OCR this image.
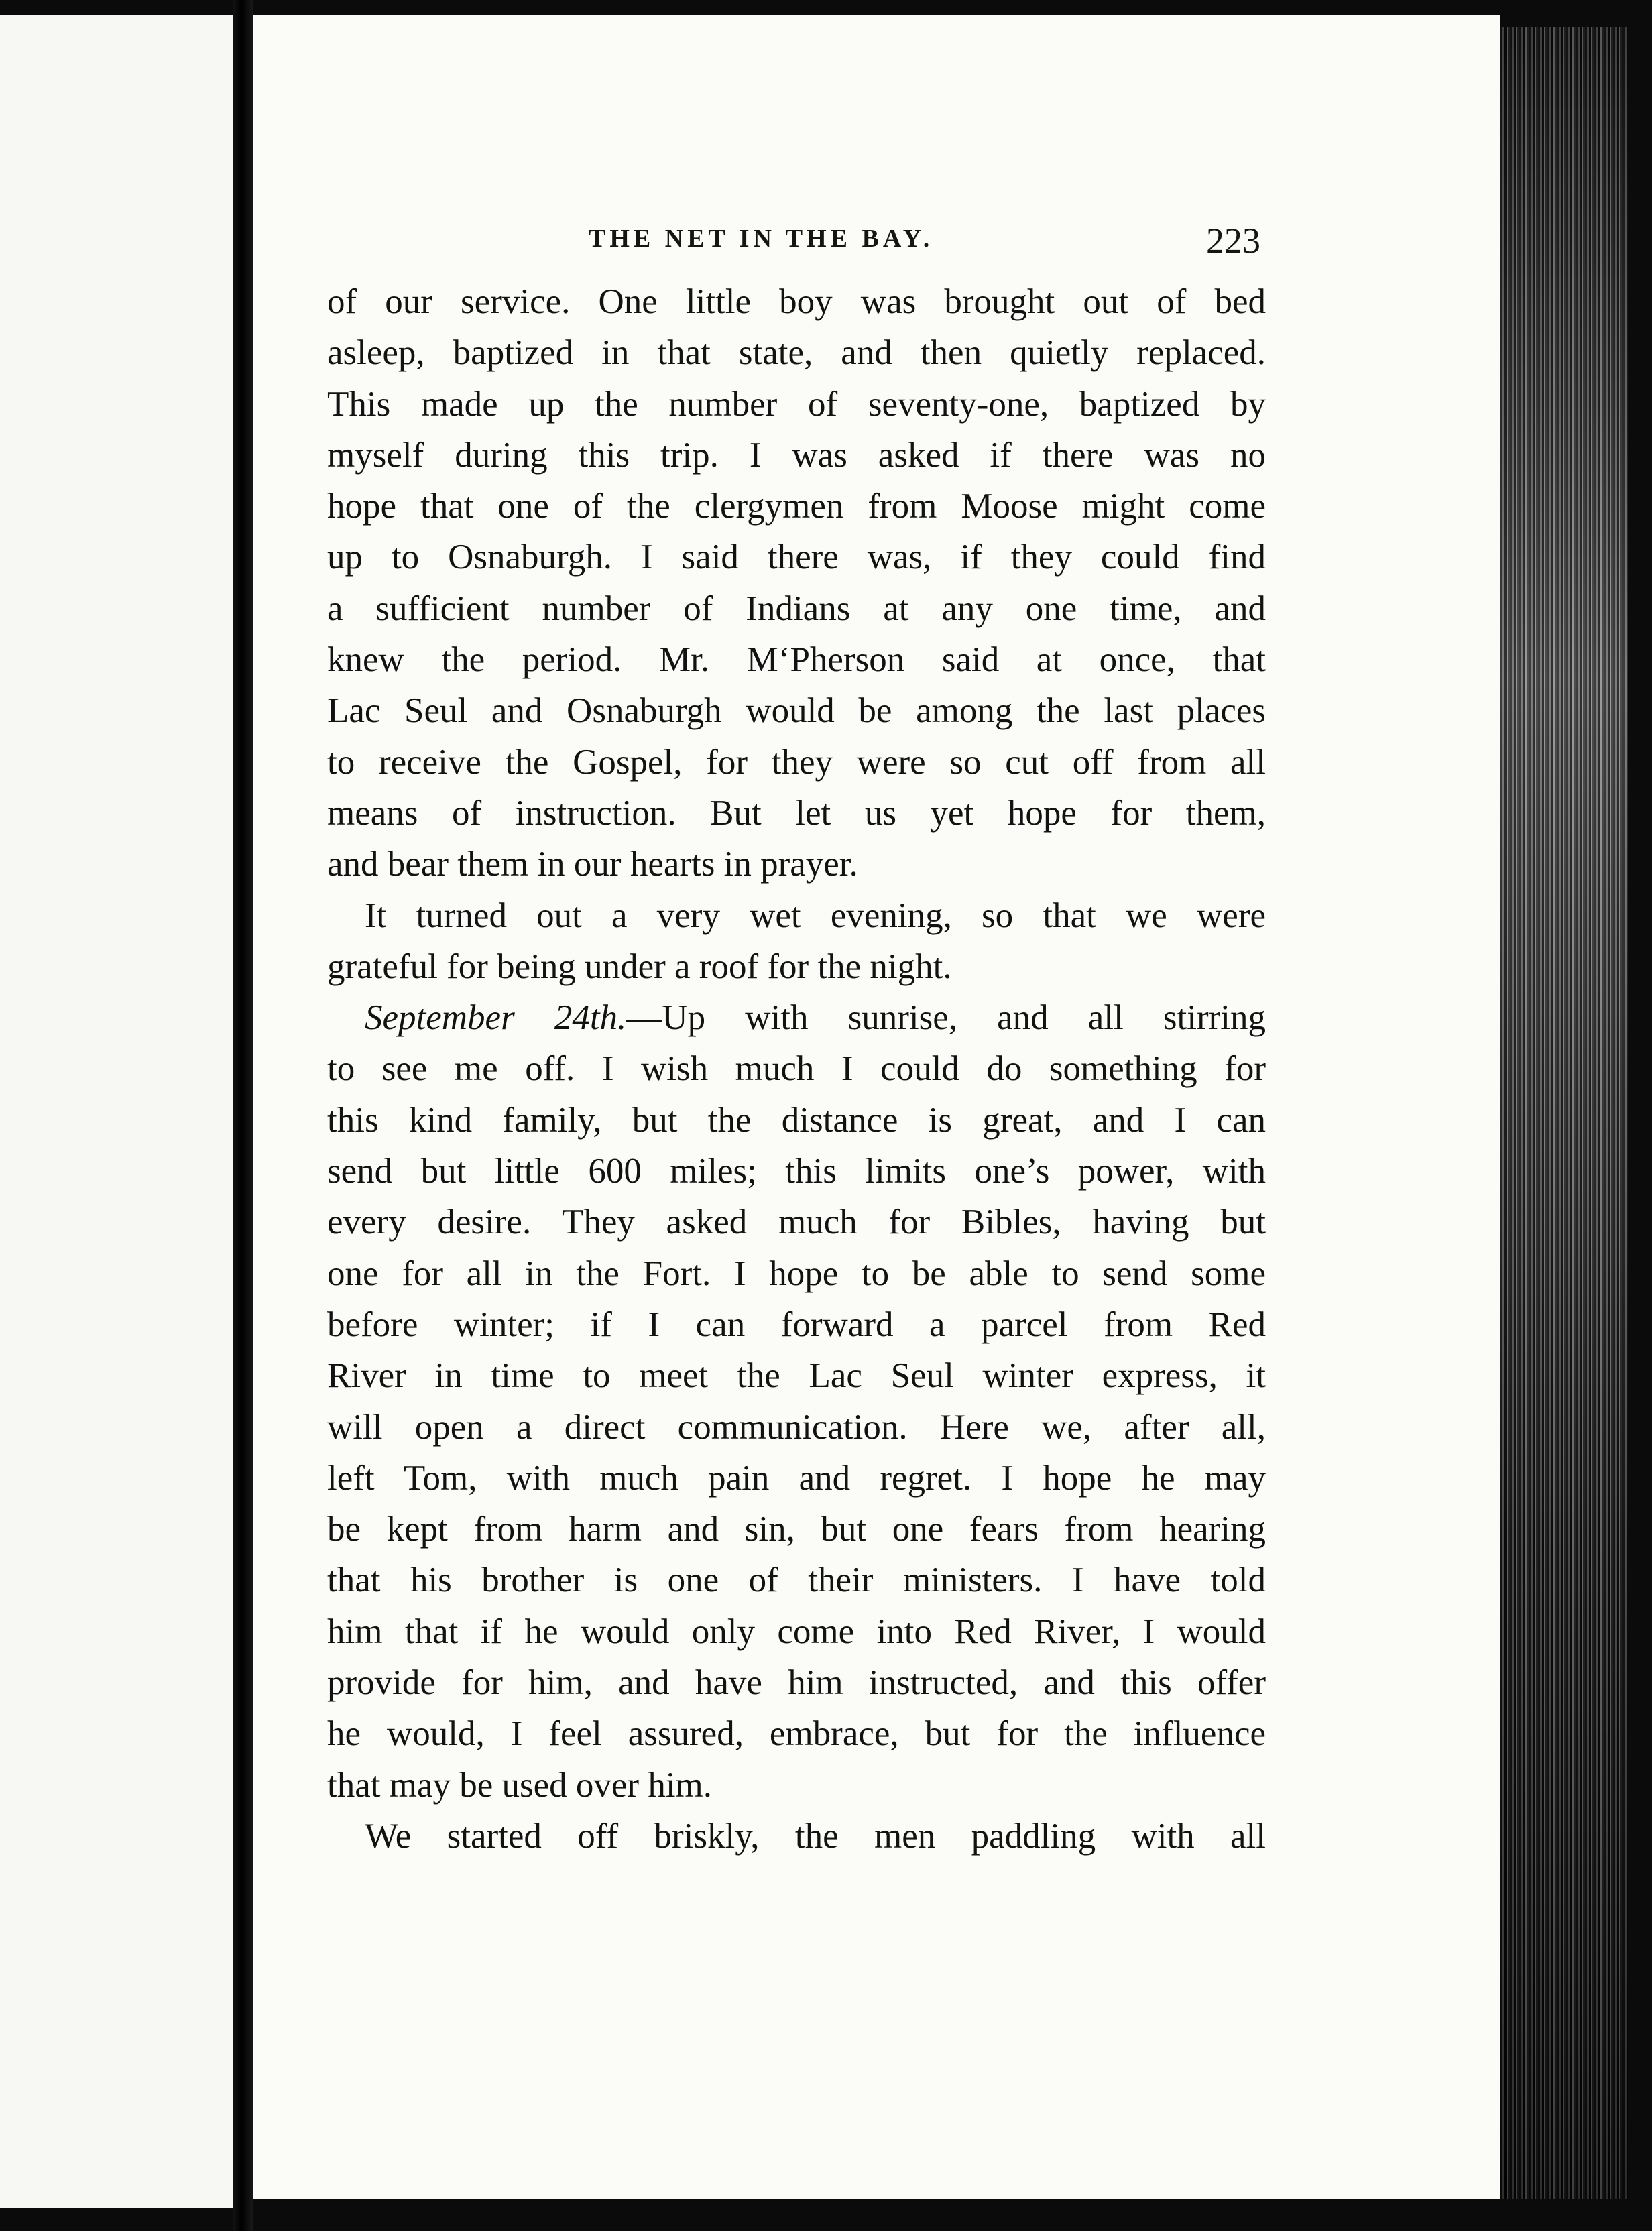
THE NET IN THE BAY.	223
of our service. One little boy was brought out of bed
asleep, baptized in that state, and then quietly replaced.
This made up the number of seventy-one, baptized by
myself during this trip. I was asked if there was no
hope that one of the clergymen from Moose might come
up to Osnaburgh. I said there was, if they could find
a sufficient number of Indians at any one time, and
knew the period. Mr. M‘Pherson said at once, that
Lac Seul and Osnaburgh would be among the last places
to receive the Gospel, for they were so cut off from all
means of instruction. But let us yet hope for them,
and bear them in our hearts in prayer.
It turned out a very wet evening, so that we were
grateful for being under a roof for the night.
September 24th.—Up with sunrise, and all stirring
to see me off. I wish much I could do something for
this kind family, but the distance is great, and I can
send but little 600 miles; this limits one’s power, with
every desire. They asked much for Bibles, having but
one for all in the Fort. I hope to be able to send some
before winter; if I can forward a parcel from Red
River in time to meet the Lac Seul winter express, it
will open a direct communication. Here we, after all,
left Tom, with much pain and regret. I hope he may
be kept from harm and sin, but one fears from hearing
that his brother is one of their ministers. I have told
him that if he would only come into Red River, I would
provide for him, and have him instructed, and this offer
he would, I feel assured, embrace, but for the influence
that may be used over him.
We started off briskly, the men paddling with all
